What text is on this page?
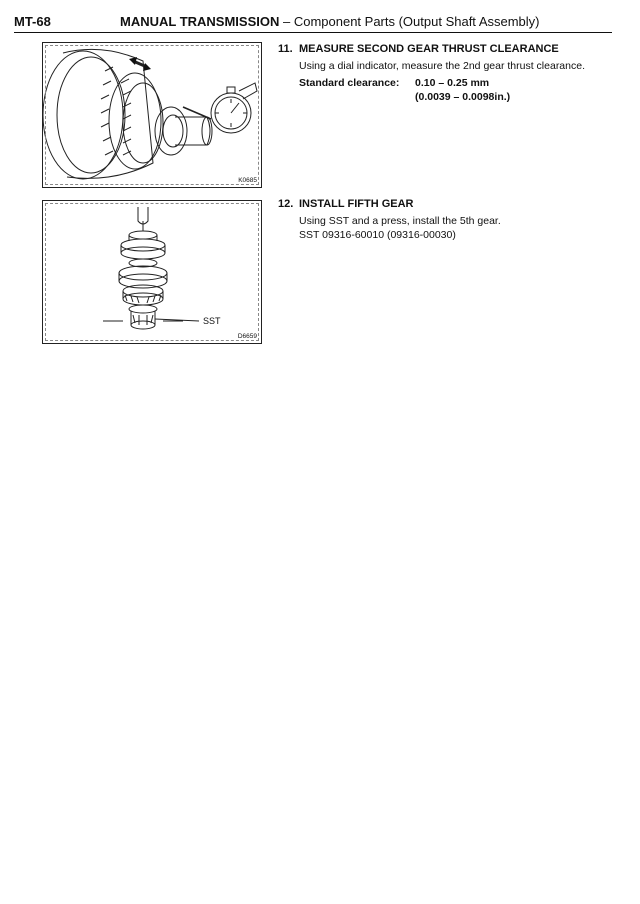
MT-68	MANUAL TRANSMISSION – Component Parts (Output Shaft Assembly)
K0685
SST
D6659
11. MEASURE SECOND GEAR THRUST CLEARANCE
Using a dial indicator, measure the 2nd gear thrust clearance.
Standard clearance:	0.10 – 0.25 mm
(0.0039 – 0.0098in.)
12. INSTALL FIFTH GEAR
Using SST and a press, install the 5th gear.
SST 09316-60010 (09316-00030)
